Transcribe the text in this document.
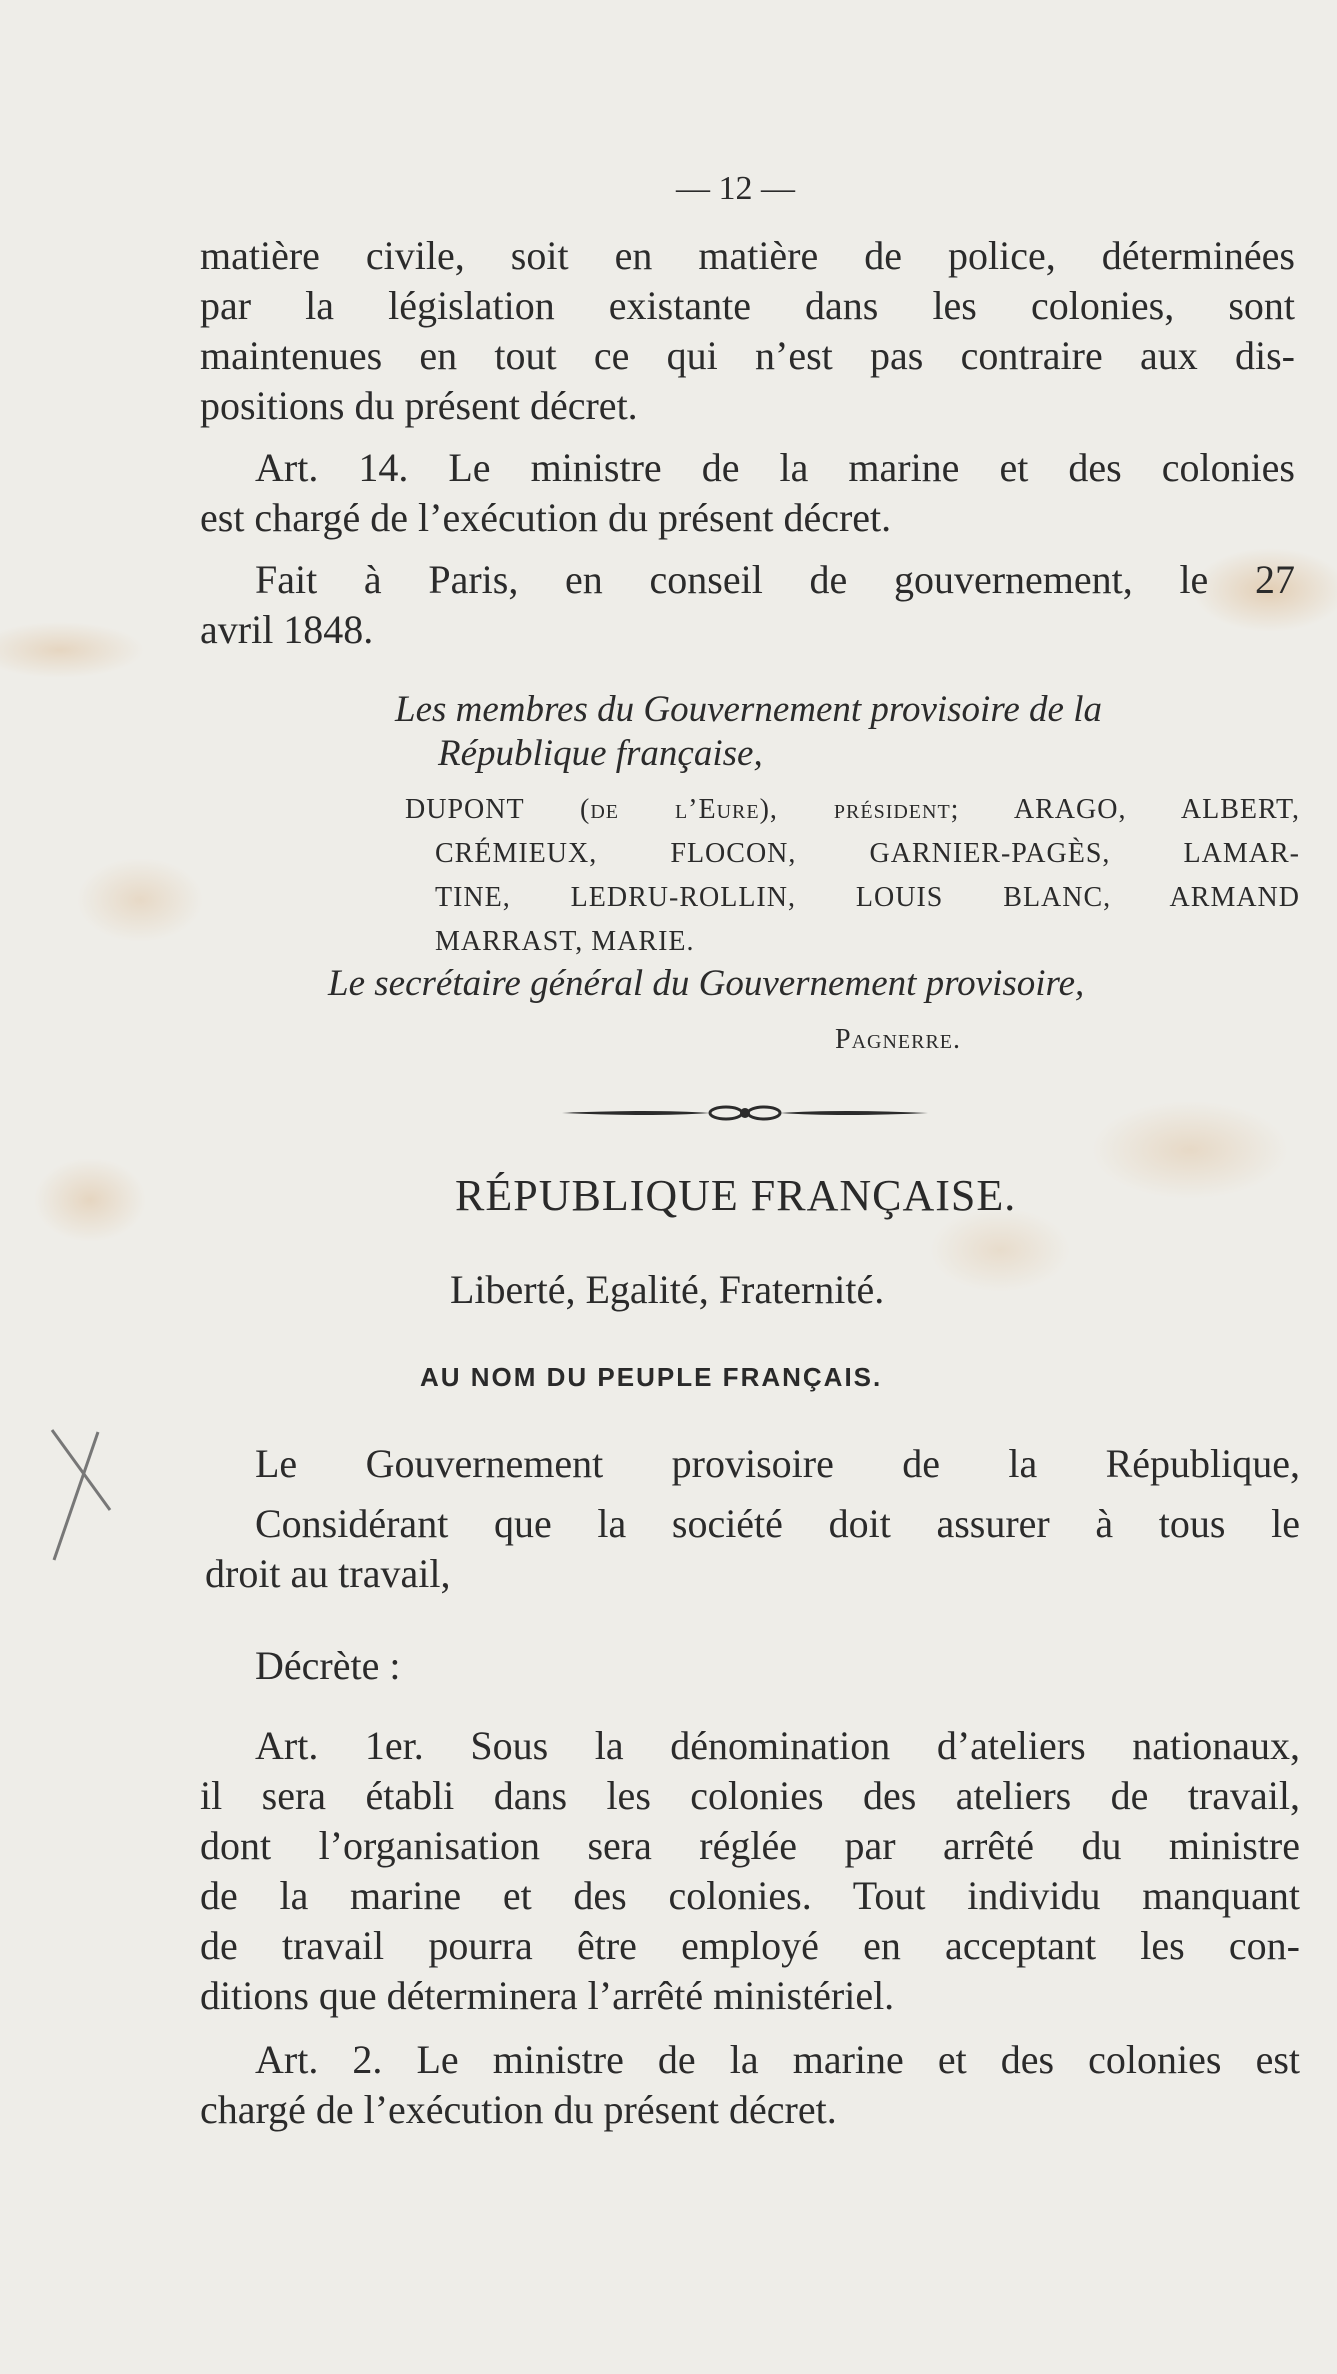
— 12 —
matière civile, soit en matière de police, déterminées
par la législation existante dans les colonies, sont
maintenues en tout ce qui n’est pas contraire aux dis-
positions du présent décret.
Art. 14. Le ministre de la marine et des colonies
est chargé de l’exécution du présent décret.
Fait à Paris, en conseil de gouvernement, le 27
avril 1848.
Les membres du Gouvernement provisoire de la
République française,
DUPONT (de l’Eure), président; ARAGO, ALBERT,
CRÉMIEUX, FLOCON, GARNIER-PAGÈS, LAMAR-
TINE, LEDRU-ROLLIN, LOUIS BLANC, ARMAND
MARRAST, MARIE.
Le secrétaire général du Gouvernement provisoire,
Pagnerre.
RÉPUBLIQUE FRANÇAISE.
Liberté, Egalité, Fraternité.
AU NOM DU PEUPLE FRANÇAIS.
Le Gouvernement provisoire de la République,
Considérant que la société doit assurer à tous le
droit au travail,
Décrète :
Art. 1er. Sous la dénomination d’ateliers nationaux,
il sera établi dans les colonies des ateliers de travail,
dont l’organisation sera réglée par arrêté du ministre
de la marine et des colonies. Tout individu manquant
de travail pourra être employé en acceptant les con-
ditions que déterminera l’arrêté ministériel.
Art. 2. Le ministre de la marine et des colonies est
chargé de l’exécution du présent décret.
